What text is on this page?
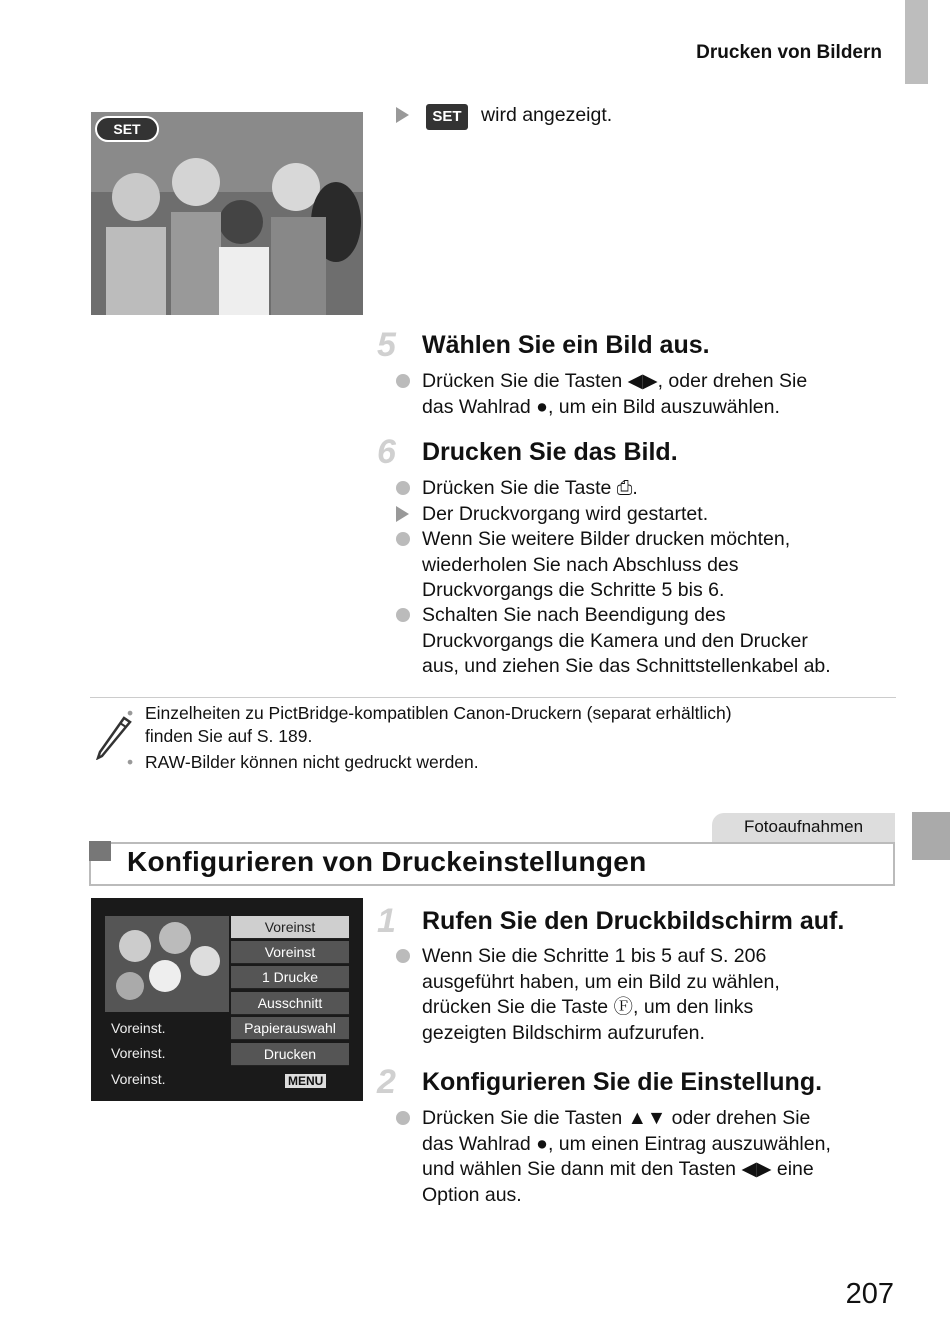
Drucken von Bildern
SET
SET wird angezeigt.
5	Wählen Sie ein Bild aus.
Drücken Sie die Tasten ◀▶, oder drehen Sie
das Wahlrad ●, um ein Bild auszuwählen.
6	Drucken Sie das Bild.
Drücken Sie die Taste ⎙.
Der Druckvorgang wird gestartet.
Wenn Sie weitere Bilder drucken möchten,
wiederholen Sie nach Abschluss des
Druckvorgangs die Schritte 5 bis 6.
Schalten Sie nach Beendigung des
Druckvorgangs die Kamera und den Drucker
aus, und ziehen Sie das Schnittstellenkabel ab.
• Einzelheiten zu PictBridge-kompatiblen Canon-Druckern (separat erhältlich)
finden Sie auf S. 189.
• RAW-Bilder können nicht gedruckt werden.
Fotoaufnahmen
Konfigurieren von Druckeinstellungen
Voreinst
Voreinst
1 Drucke
Ausschnitt
Papierauswahl
Drucken
Voreinst.
Voreinst.
Voreinst.	MENU
1	Rufen Sie den Druckbildschirm auf.
Wenn Sie die Schritte 1 bis 5 auf S. 206
ausgeführt haben, um ein Bild zu wählen,
drücken Sie die Taste Ⓕ, um den links
gezeigten Bildschirm aufzurufen.
2	Konfigurieren Sie die Einstellung.
Drücken Sie die Tasten ▲▼ oder drehen Sie
das Wahlrad ●, um einen Eintrag auszuwählen,
und wählen Sie dann mit den Tasten ◀▶ eine
Option aus.
207
